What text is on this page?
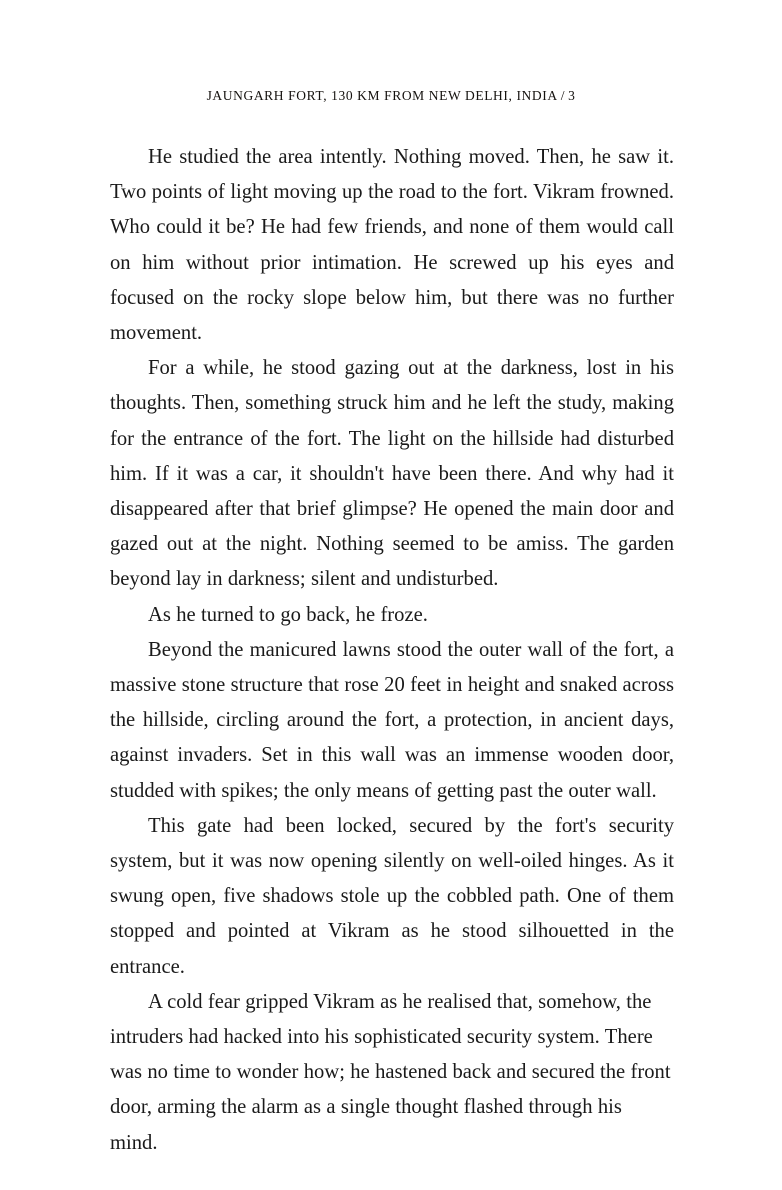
JAUNGARH FORT, 130 KM FROM NEW DELHI, INDIA / 3

He studied the area intently. Nothing moved. Then, he saw it. Two points of light moving up the road to the fort. Vikram frowned. Who could it be? He had few friends, and none of them would call on him without prior intimation. He screwed up his eyes and focused on the rocky slope below him, but there was no further movement.

For a while, he stood gazing out at the darkness, lost in his thoughts. Then, something struck him and he left the study, making for the entrance of the fort. The light on the hillside had disturbed him. If it was a car, it shouldn't have been there. And why had it disappeared after that brief glimpse? He opened the main door and gazed out at the night. Nothing seemed to be amiss. The garden beyond lay in darkness; silent and undisturbed.

As he turned to go back, he froze.

Beyond the manicured lawns stood the outer wall of the fort, a massive stone structure that rose 20 feet in height and snaked across the hillside, circling around the fort, a protection, in ancient days, against invaders. Set in this wall was an immense wooden door, studded with spikes; the only means of getting past the outer wall.

This gate had been locked, secured by the fort's security system, but it was now opening silently on well-oiled hinges. As it swung open, five shadows stole up the cobbled path. One of them stopped and pointed at Vikram as he stood silhouetted in the entrance.

A cold fear gripped Vikram as he realised that, somehow, the intruders had hacked into his sophisticated security system. There was no time to wonder how; he hastened back and secured the front door, arming the alarm as a single thought flashed through his mind.
